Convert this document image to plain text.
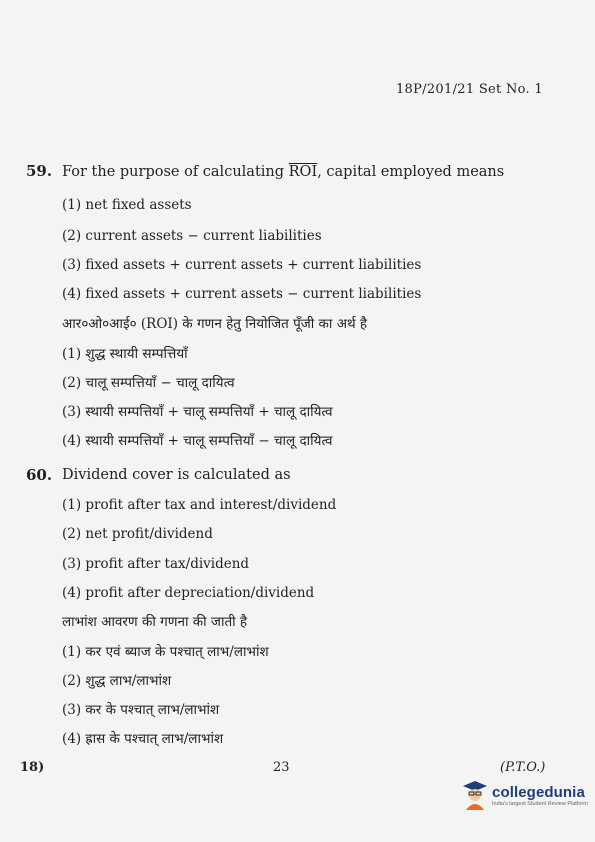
18P/201/21 Set No. 1
59. For the purpose of calculating $\overline{ROI}$, capital employed means
(1) net fixed assets
(2) current assets − current liabilities
(3) fixed assets + current assets + current liabilities
(4) fixed assets + current assets − current liabilities
आर०ओ०आई० (ROI) के गणन हेतु नियोजित पूँजी का अर्थ है
(1) शुद्ध स्थायी सम्पत्तियाँ
(2) चालू सम्पत्तियाँ − चालू दायित्व
(3) स्थायी सम्पत्तियाँ + चालू सम्पत्तियाँ + चालू दायित्व
(4) स्थायी सम्पत्तियाँ + चालू सम्पत्तियाँ − चालू दायित्व
60. Dividend cover is calculated as
(1) profit after tax and interest/dividend
(2) net profit/dividend
(3) profit after tax/dividend
(4) profit after depreciation/dividend
लाभांश आवरण की गणना की जाती है
(1) कर एवं ब्याज के पश्चात् लाभ/लाभांश
(2) शुद्ध लाभ/लाभांश
(3) कर के पश्चात् लाभ/लाभांश
(4) ह्रास के पश्चात् लाभ/लाभांश
18)	23	(P.T.O.)
collegedunia
India's largest Student Review Platform
